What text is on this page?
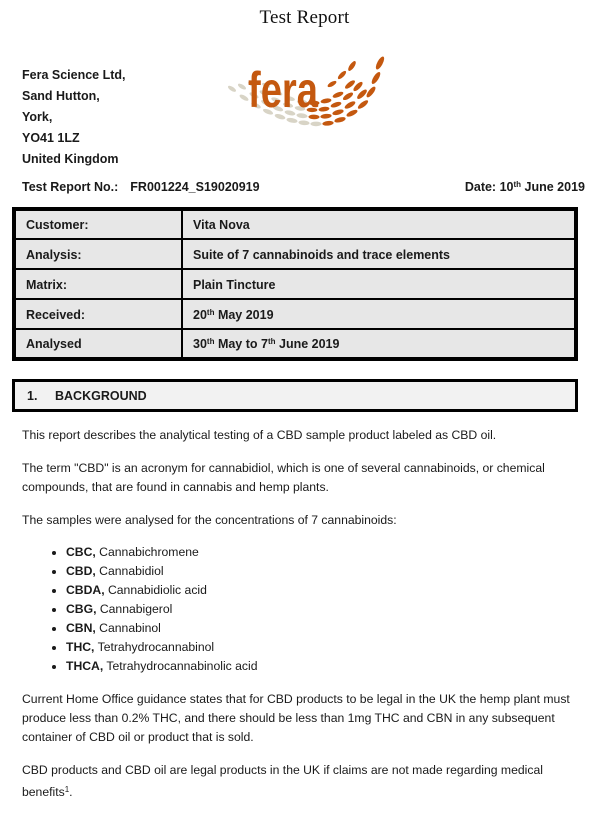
Test Report
Fera Science Ltd,
Sand Hutton,
York,
YO41 1LZ
United Kingdom
fera
Test Report No.: FR001224_S19020919	Date: 10th June 2019
Customer:	Vita Nova
Analysis:	Suite of 7 cannabinoids and trace elements
Matrix:	Plain Tincture
Received:	20th May 2019
Analysed	30th May to 7th June 2019
1.	BACKGROUND

This report describes the analytical testing of a CBD sample product labeled as CBD oil.

The term "CBD" is an acronym for cannabidiol, which is one of several cannabinoids, or chemical compounds, that are found in cannabis and hemp plants.

The samples were analysed for the concentrations of 7 cannabinoids:

• CBC, Cannabichromene
• CBD, Cannabidiol
• CBDA, Cannabidiolic acid
• CBG, Cannabigerol
• CBN, Cannabinol
• THC, Tetrahydrocannabinol
• THCA, Tetrahydrocannabinolic acid

Current Home Office guidance states that for CBD products to be legal in the UK the hemp plant must produce less than 0.2% THC, and there should be less than 1mg THC and CBN in any subsequent container of CBD oil or product that is sold.

CBD products and CBD oil are legal products in the UK if claims are not made regarding medical benefits$^1$.
